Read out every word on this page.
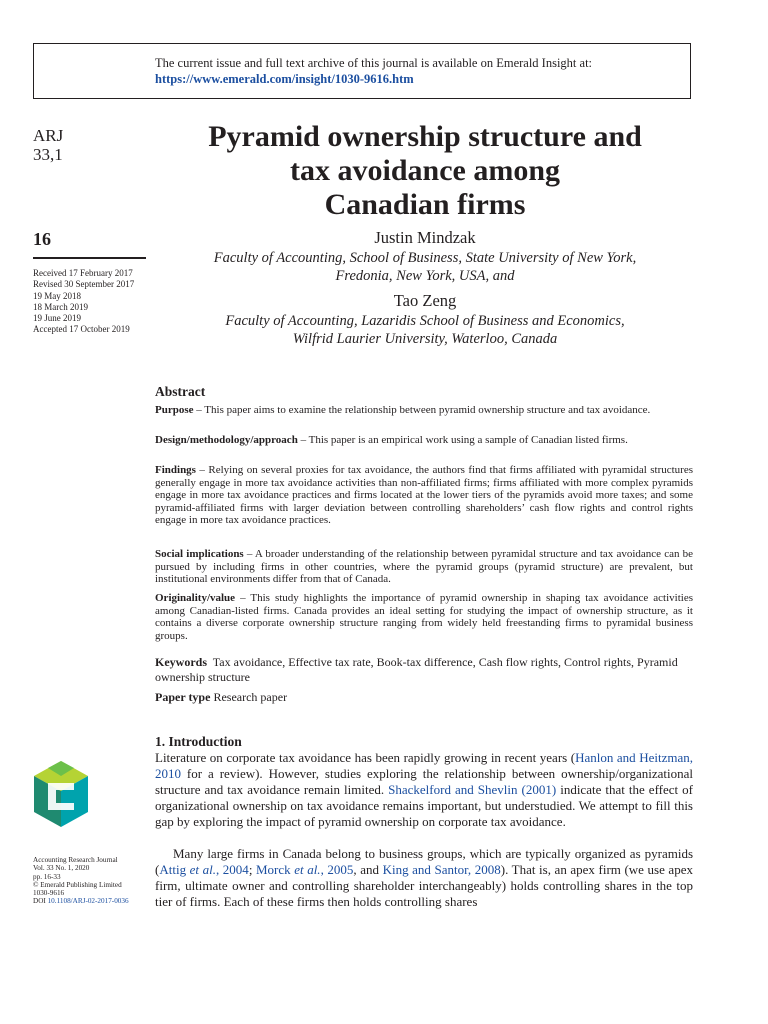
The current issue and full text archive of this journal is available on Emerald Insight at:
https://www.emerald.com/insight/1030-9616.htm
ARJ
33,1
16
Received 17 February 2017
Revised 30 September 2017
19 May 2018
18 March 2019
19 June 2019
Accepted 17 October 2019
Pyramid ownership structure and
tax avoidance among
Canadian firms
Justin Mindzak
Faculty of Accounting, School of Business, State University of New York,
Fredonia, New York, USA, and
Tao Zeng
Faculty of Accounting, Lazaridis School of Business and Economics,
Wilfrid Laurier University, Waterloo, Canada
Abstract
Purpose – This paper aims to examine the relationship between pyramid ownership structure and tax avoidance.
Design/methodology/approach – This paper is an empirical work using a sample of Canadian listed firms.
Findings – Relying on several proxies for tax avoidance, the authors find that firms affiliated with pyramidal structures generally engage in more tax avoidance activities than non-affiliated firms; firms affiliated with more complex pyramids engage in more tax avoidance practices and firms located at the lower tiers of the pyramids avoid more taxes; and some pyramid-affiliated firms with larger deviation between controlling shareholders’ cash flow rights and control rights engage in more tax avoidance practices.
Social implications – A broader understanding of the relationship between pyramidal structure and tax avoidance can be pursued by including firms in other countries, where the pyramid groups (pyramid structure) are prevalent, but institutional environments differ from that of Canada.
Originality/value – This study highlights the importance of pyramid ownership in shaping tax avoidance activities among Canadian-listed firms. Canada provides an ideal setting for studying the impact of ownership structure, as it contains a diverse corporate ownership structure ranging from widely held freestanding firms to pyramidal business groups.
Keywords Tax avoidance, Effective tax rate, Book-tax difference, Cash flow rights, Control rights, Pyramid ownership structure
Paper type Research paper
1. Introduction
Literature on corporate tax avoidance has been rapidly growing in recent years (Hanlon and Heitzman, 2010 for a review). However, studies exploring the relationship between ownership/organizational structure and tax avoidance remain limited. Shackelford and Shevlin (2001) indicate that the effect of organizational ownership on tax avoidance remains important, but understudied. We attempt to fill this gap by exploring the impact of pyramid ownership on corporate tax avoidance.
Many large firms in Canada belong to business groups, which are typically organized as pyramids (Attig et al., 2004; Morck et al., 2005, and King and Santor, 2008). That is, an apex firm (we use apex firm, ultimate owner and controlling shareholder interchangeably) holds controlling shares in the top tier of firms. Each of these firms then holds controlling shares
Accounting Research Journal
Vol. 33 No. 1, 2020
pp. 16-33
© Emerald Publishing Limited
1030-9616
DOI 10.1108/ARJ-02-2017-0036
